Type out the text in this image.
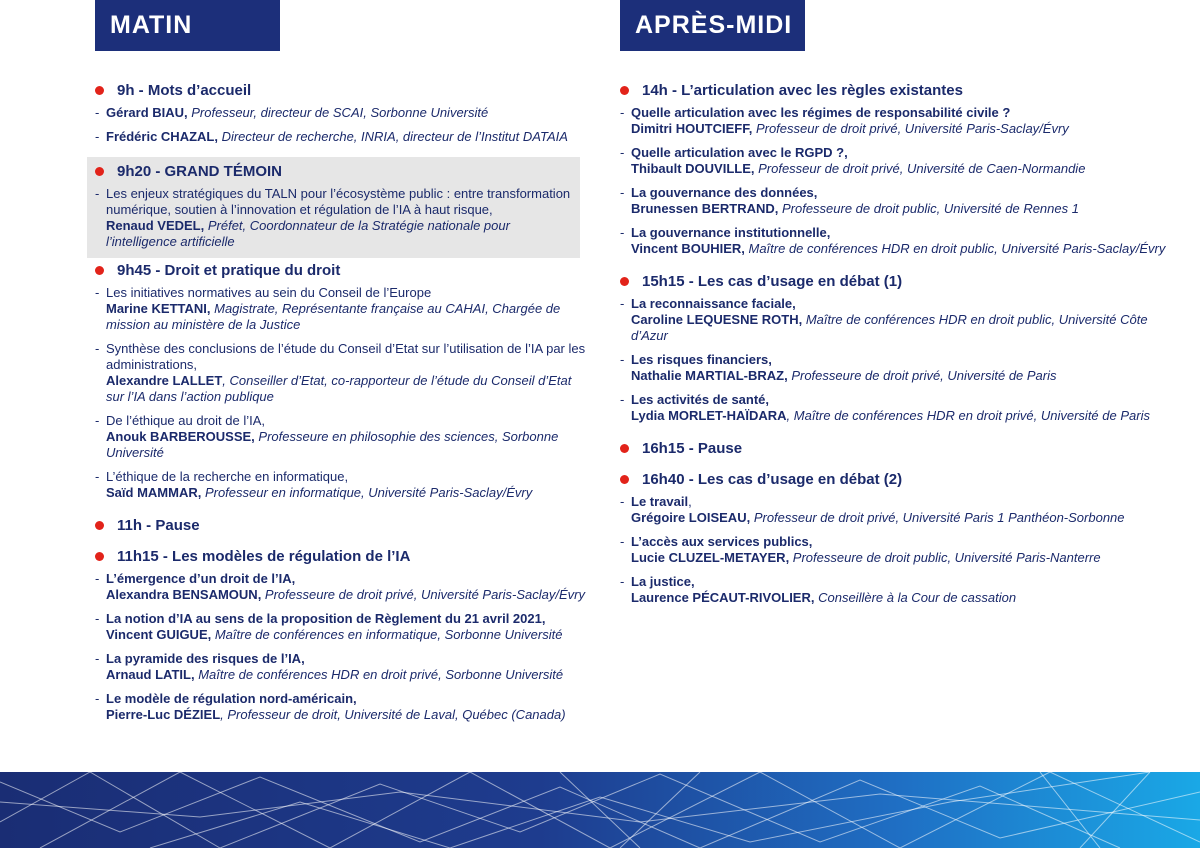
MATIN
9h - Mots d’accueil
- Gérard BIAU, Professeur, directeur de SCAI, Sorbonne Université
- Frédéric CHAZAL, Directeur de recherche, INRIA, directeur de l’Institut DATAIA
9h20 - GRAND TÉMOIN
- Les enjeux stratégiques du TALN pour l’écosystème public : entre transformation numérique, soutien à l’innovation et régulation de l’IA à haut risque,
Renaud VEDEL, Préfet, Coordonnateur de la Stratégie nationale pour l’intelligence artificielle
9h45 - Droit et pratique du droit
- Les initiatives normatives au sein du Conseil de l’Europe
Marine KETTANI, Magistrate, Représentante française au CAHAI, Chargée de mission au ministère de la Justice
- Synthèse des conclusions de l’étude du Conseil d’Etat sur l’utilisation de l’IA par les administrations,
Alexandre LALLET, Conseiller d’Etat, co-rapporteur de l’étude du Conseil d’Etat sur l’IA dans l’action publique
- De l’éthique au droit de l’IA,
Anouk BARBEROUSSE, Professeure en philosophie des sciences, Sorbonne Université
- L’éthique de la recherche en informatique,
Saïd MAMMAR, Professeur en informatique, Université Paris-Saclay/Évry
11h - Pause
11h15 - Les modèles de régulation de l’IA
- L’émergence d’un droit de l’IA,
Alexandra BENSAMOUN, Professeure de droit privé, Université Paris-Saclay/Évry
- La notion d’IA au sens de la proposition de Règlement du 21 avril 2021,
Vincent GUIGUE, Maître de conférences en informatique, Sorbonne Université
- La pyramide des risques de l’IA,
Arnaud LATIL, Maître de conférences HDR en droit privé, Sorbonne Université
- Le modèle de régulation nord-américain,
Pierre-Luc DÉZIEL, Professeur de droit, Université de Laval, Québec (Canada)
APRÈS-MIDI
14h - L’articulation avec les règles existantes
- Quelle articulation avec les régimes de responsabilité civile ?
Dimitri HOUTCIEFF, Professeur de droit privé, Université Paris-Saclay/Évry
- Quelle articulation avec le RGPD ?,
Thibault DOUVILLE, Professeur de droit privé, Université de Caen-Normandie
- La gouvernance des données,
Brunessen BERTRAND, Professeure de droit public, Université de Rennes 1
- La gouvernance institutionnelle,
Vincent BOUHIER, Maître de conférences HDR en droit public, Université Paris-Saclay/Évry
15h15 - Les cas d’usage en débat (1)
- La reconnaissance faciale,
Caroline LEQUESNE ROTH, Maître de conférences HDR en droit public, Université Côte d’Azur
- Les risques financiers,
Nathalie MARTIAL-BRAZ, Professeure de droit privé, Université de Paris
- Les activités de santé,
Lydia MORLET-HAÏDARA, Maître de conférences HDR en droit privé, Université de Paris
16h15 - Pause
16h40 - Les cas d’usage en débat (2)
- Le travail,
Grégoire LOISEAU, Professeur de droit privé, Université Paris 1 Panthéon-Sorbonne
- L’accès aux services publics,
Lucie CLUZEL-METAYER, Professeure de droit public, Université Paris-Nanterre
- La justice,
Laurence PÉCAUT-RIVOLIER, Conseillère à la Cour de cassation
